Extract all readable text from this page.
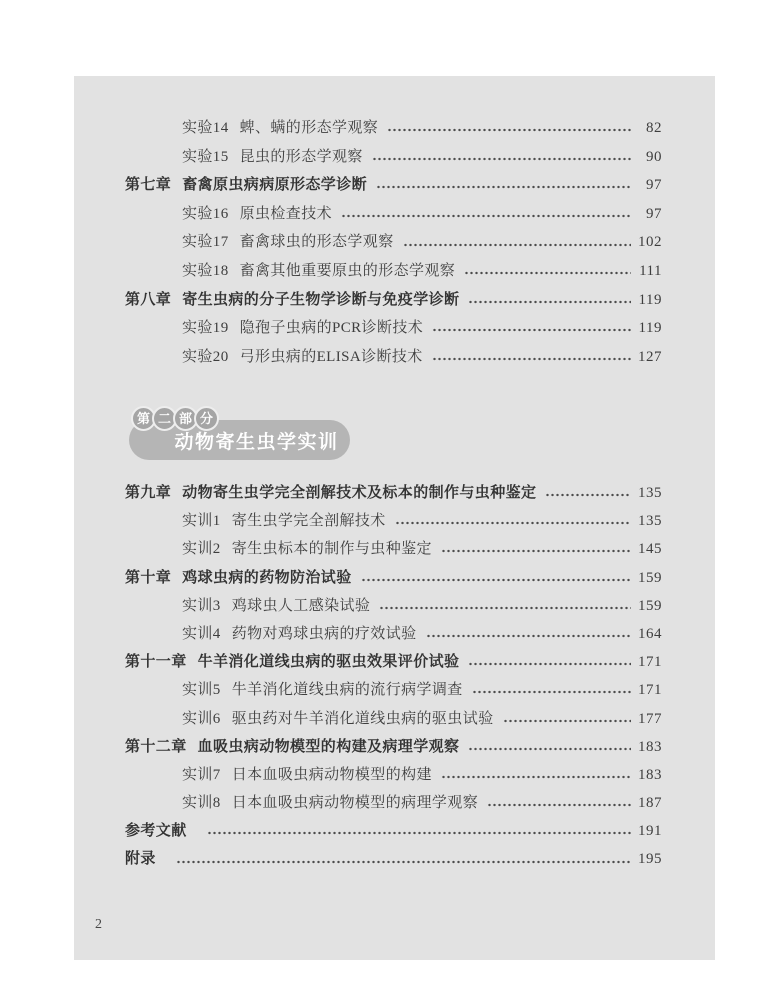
实验14 蜱、螨的形态学观察	82
实验15 昆虫的形态学观察	90
第七章 畜禽原虫病病原形态学诊断	97
实验16 原虫检查技术	97
实验17 畜禽球虫的形态学观察	102
实验18 畜禽其他重要原虫的形态学观察	111
第八章 寄生虫病的分子生物学诊断与免疫学诊断	119
实验19 隐孢子虫病的PCR诊断技术	119
实验20 弓形虫病的ELISA诊断技术	127
动物寄生虫学实训
第 二 部 分
第九章 动物寄生虫学完全剖解技术及标本的制作与虫种鉴定	135
实训1 寄生虫学完全剖解技术	135
实训2 寄生虫标本的制作与虫种鉴定	145
第十章 鸡球虫病的药物防治试验	159
实训3 鸡球虫人工感染试验	159
实训4 药物对鸡球虫病的疗效试验	164
第十一章 牛羊消化道线虫病的驱虫效果评价试验	171
实训5 牛羊消化道线虫病的流行病学调查	171
实训6 驱虫药对牛羊消化道线虫病的驱虫试验	177
第十二章 血吸虫病动物模型的构建及病理学观察	183
实训7 日本血吸虫病动物模型的构建	183
实训8 日本血吸虫病动物模型的病理学观察	187
参考文献	191
附录	195
2
